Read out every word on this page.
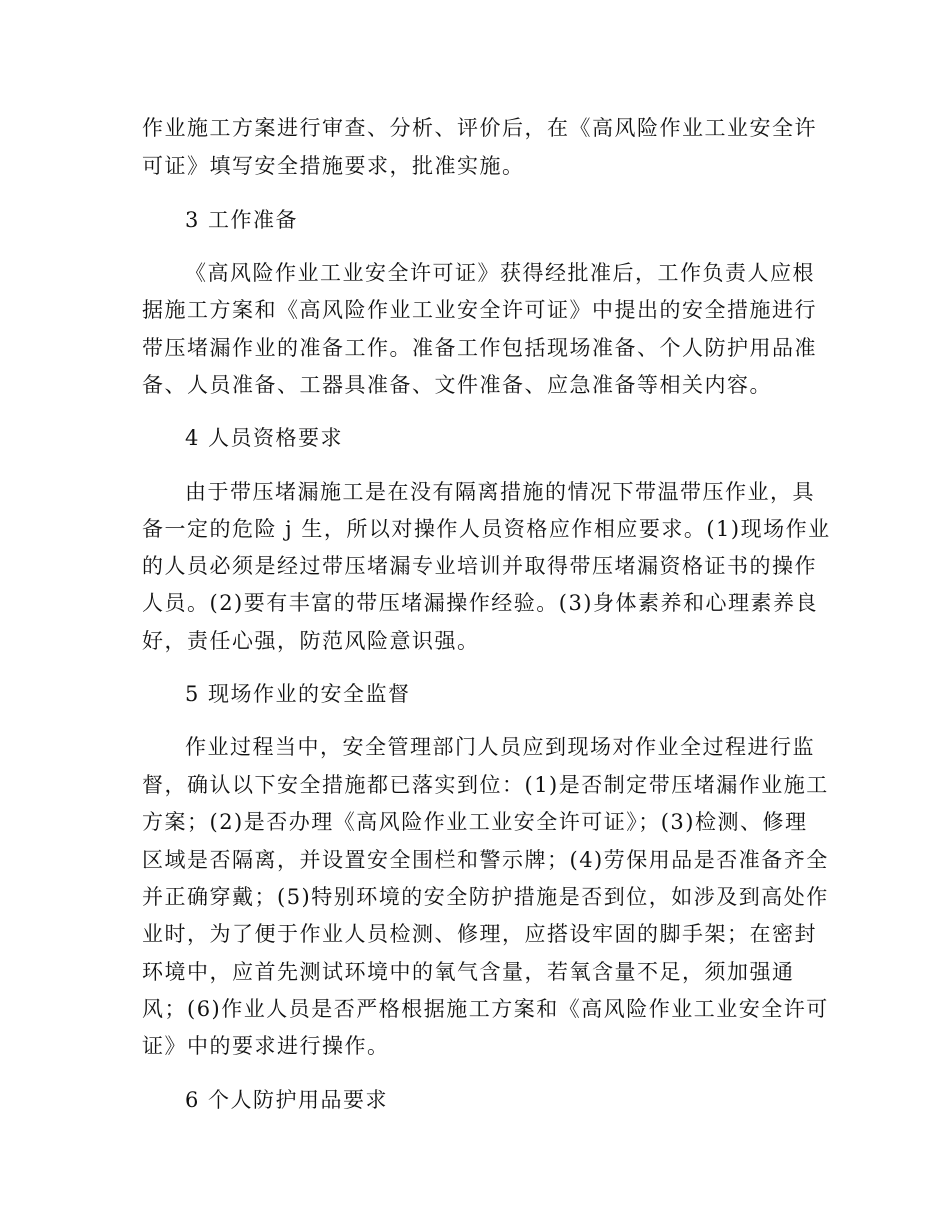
作业施工方案进行审查、分析、评价后，在《高风险作业工业安全许
可证》填写安全措施要求，批准实施。
3 工作准备
《高风险作业工业安全许可证》获得经批准后，工作负责人应根
据施工方案和《高风险作业工业安全许可证》中提出的安全措施进行
带压堵漏作业的准备工作。准备工作包括现场准备、个人防护用品准
备、人员准备、工器具准备、文件准备、应急准备等相关内容。
4 人员资格要求
由于带压堵漏施工是在没有隔离措施的情况下带温带压作业，具
备一定的危险 j 生，所以对操作人员资格应作相应要求。(1)现场作业
的人员必须是经过带压堵漏专业培训并取得带压堵漏资格证书的操作
人员。(2)要有丰富的带压堵漏操作经验。(3)身体素养和心理素养良
好，责任心强，防范风险意识强。
5 现场作业的安全监督
作业过程当中，安全管理部门人员应到现场对作业全过程进行监
督，确认以下安全措施都已落实到位：(1)是否制定带压堵漏作业施工
方案；(2)是否办理《高风险作业工业安全许可证》；(3)检测、修理
区域是否隔离，并设置安全围栏和警示牌；(4)劳保用品是否准备齐全
并正确穿戴；(5)特别环境的安全防护措施是否到位，如涉及到高处作
业时，为了便于作业人员检测、修理，应搭设牢固的脚手架；在密封
环境中，应首先测试环境中的氧气含量，若氧含量不足，须加强通
风；(6)作业人员是否严格根据施工方案和《高风险作业工业安全许可
证》中的要求进行操作。
6 个人防护用品要求
